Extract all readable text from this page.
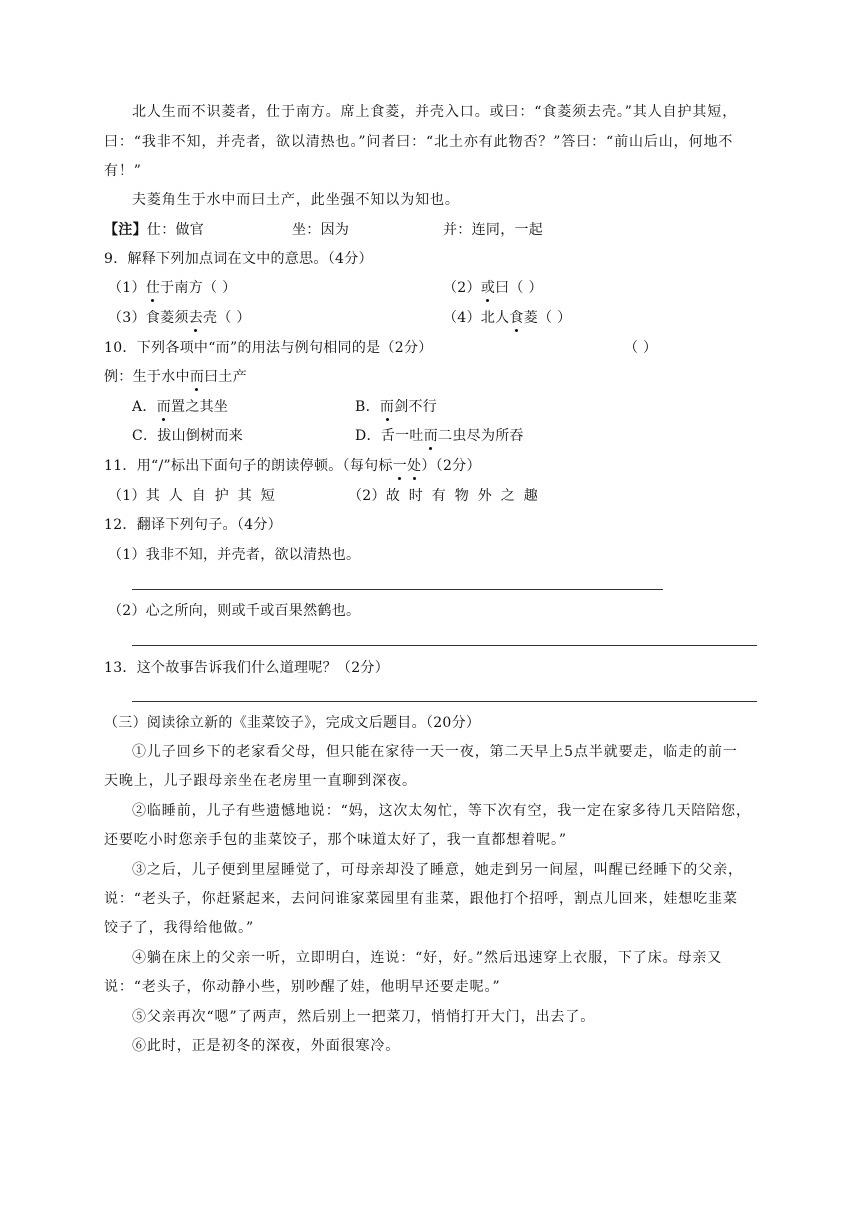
北人生而不识菱者，仕于南方。席上食菱，并壳入口。或曰：“食菱须去壳。”其人自护其短，
曰：“我非不知，并壳者，欲以清热也。”问者曰：“北土亦有此物否？”答曰：“前山后山，何地不
有！”
夫菱角生于水中而曰土产，此坐强不知以为知也。
【注】仕：做官	坐：因为	并：连同，一起
9．解释下列加点词在文中的意思。（4分）
（1）仕于南方（ ）	（2）或曰（ ）
（3）食菱须去壳（ ）	（4）北人食菱（ ）
10．下列各项中“而”的用法与例句相同的是（2分）	（ ）
例：生于水中而曰土产
A．而置之其坐	B．而剑不行
C．拔山倒树而来	D．舌一吐而二虫尽为所吞
11．用“/”标出下面句子的朗读停顿。（每句标一处）（2分）
（1）其人自护其短	（2）故时有物外之趣
12．翻译下列句子。（4分）
（1）我非不知，并壳者，欲以清热也。
（2）心之所向，则或千或百果然鹤也。
13．这个故事告诉我们什么道理呢？（2分）
（三）阅读徐立新的《韭菜饺子》，完成文后题目。（20分）
①儿子回乡下的老家看父母，但只能在家待一天一夜，第二天早上5点半就要走，临走的前一
天晚上，儿子跟母亲坐在老房里一直聊到深夜。
②临睡前，儿子有些遗憾地说：“妈，这次太匆忙，等下次有空，我一定在家多待几天陪陪您，
还要吃小时您亲手包的韭菜饺子，那个味道太好了，我一直都想着呢。”
③之后，儿子便到里屋睡觉了，可母亲却没了睡意，她走到另一间屋，叫醒已经睡下的父亲，
说：“老头子，你赶紧起来，去问问谁家菜园里有韭菜，跟他打个招呼，割点儿回来，娃想吃韭菜
饺子了，我得给他做。”
④躺在床上的父亲一听，立即明白，连说：“好，好。”然后迅速穿上衣服，下了床。母亲又
说：“老头子，你动静小些，别吵醒了娃，他明早还要走呢。”
⑤父亲再次“嗯”了两声，然后别上一把菜刀，悄悄打开大门，出去了。
⑥此时，正是初冬的深夜，外面很寒冷。
